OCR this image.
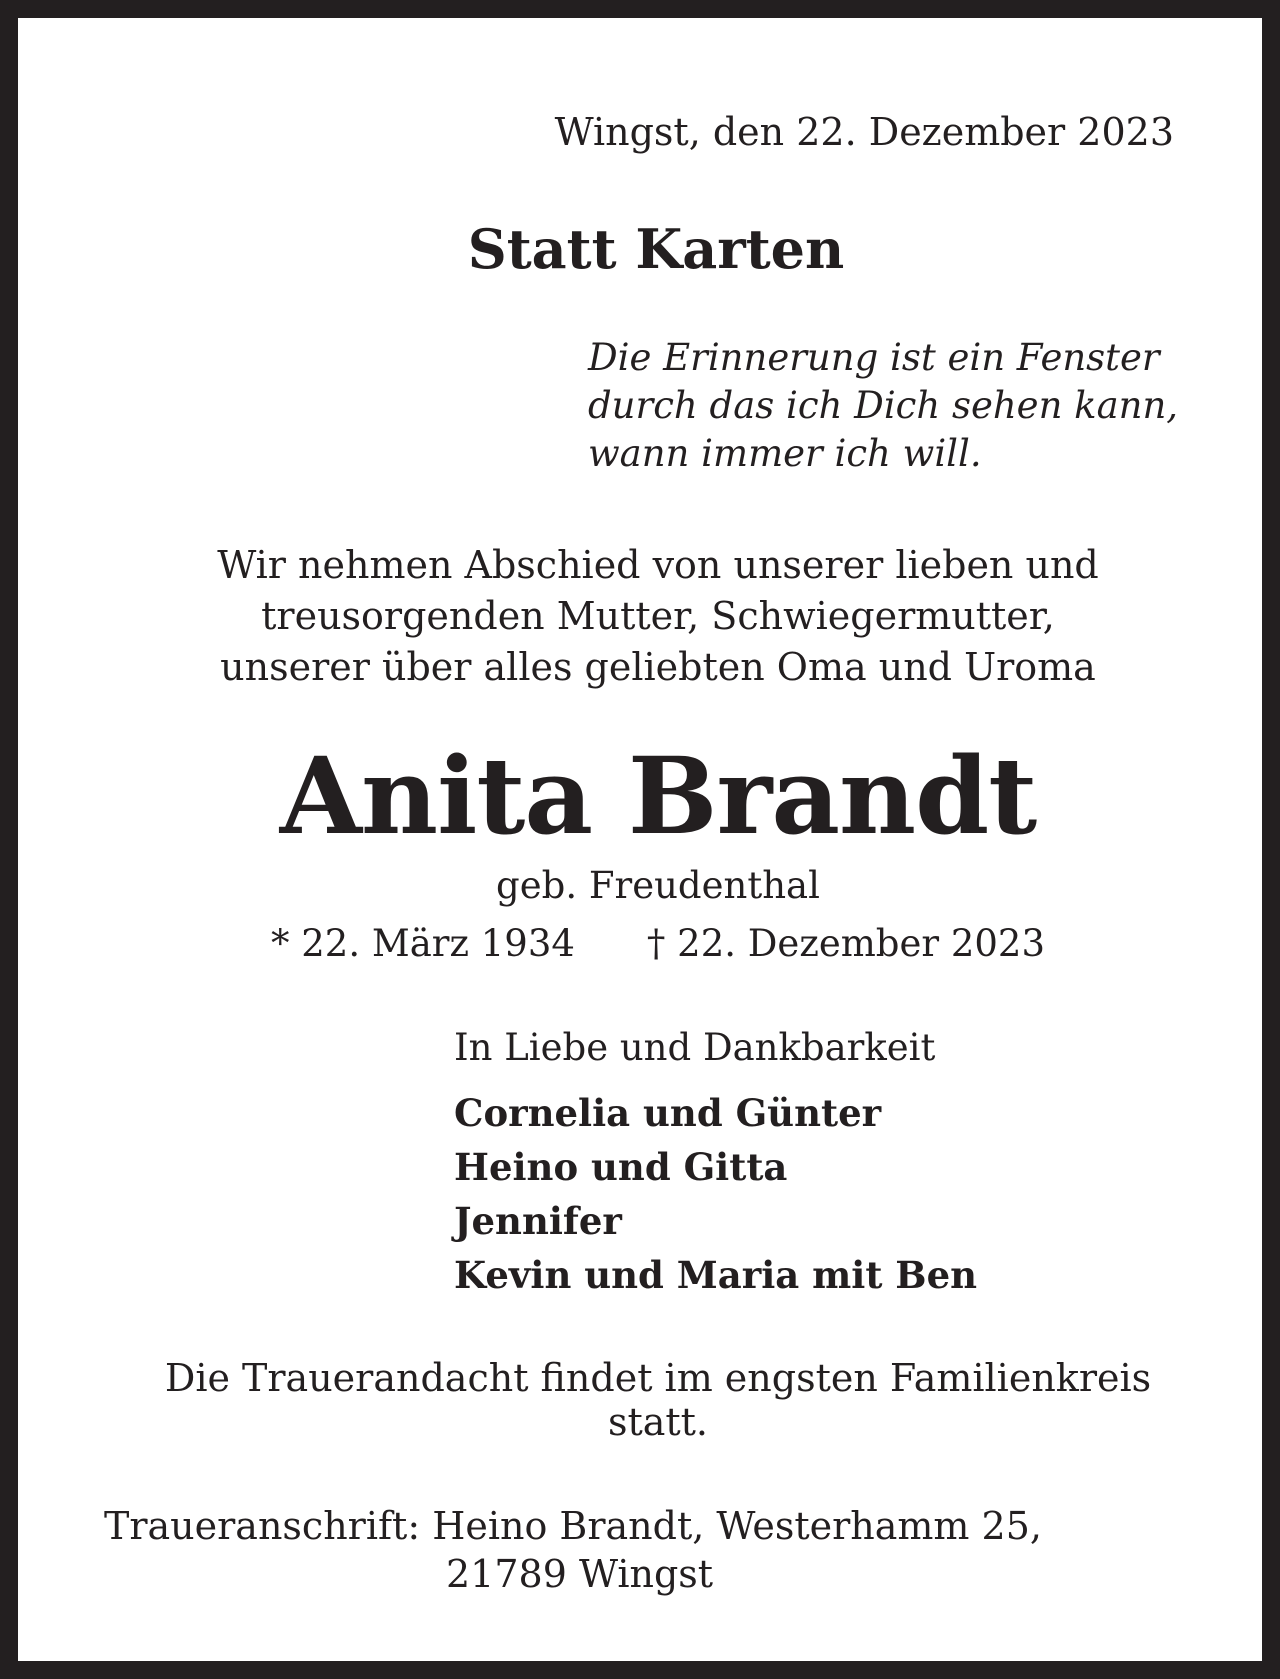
Wingst, den 22. Dezember 2023
Statt Karten
Die Erinnerung ist ein Fenster
durch das ich Dich sehen kann,
wann immer ich will.
Wir nehmen Abschied von unserer lieben und
treusorgenden Mutter, Schwiegermutter,
unserer über alles geliebten Oma und Uroma
Anita Brandt
geb. Freudenthal
* 22. März 1934 † 22. Dezember 2023
In Liebe und Dankbarkeit
Cornelia und Günter
Heino und Gitta
Jennifer
Kevin und Maria mit Ben
Die Trauerandacht findet im engsten Familienkreis
statt.
Traueranschrift: Heino Brandt, Westerhamm 25,
21789 Wingst
